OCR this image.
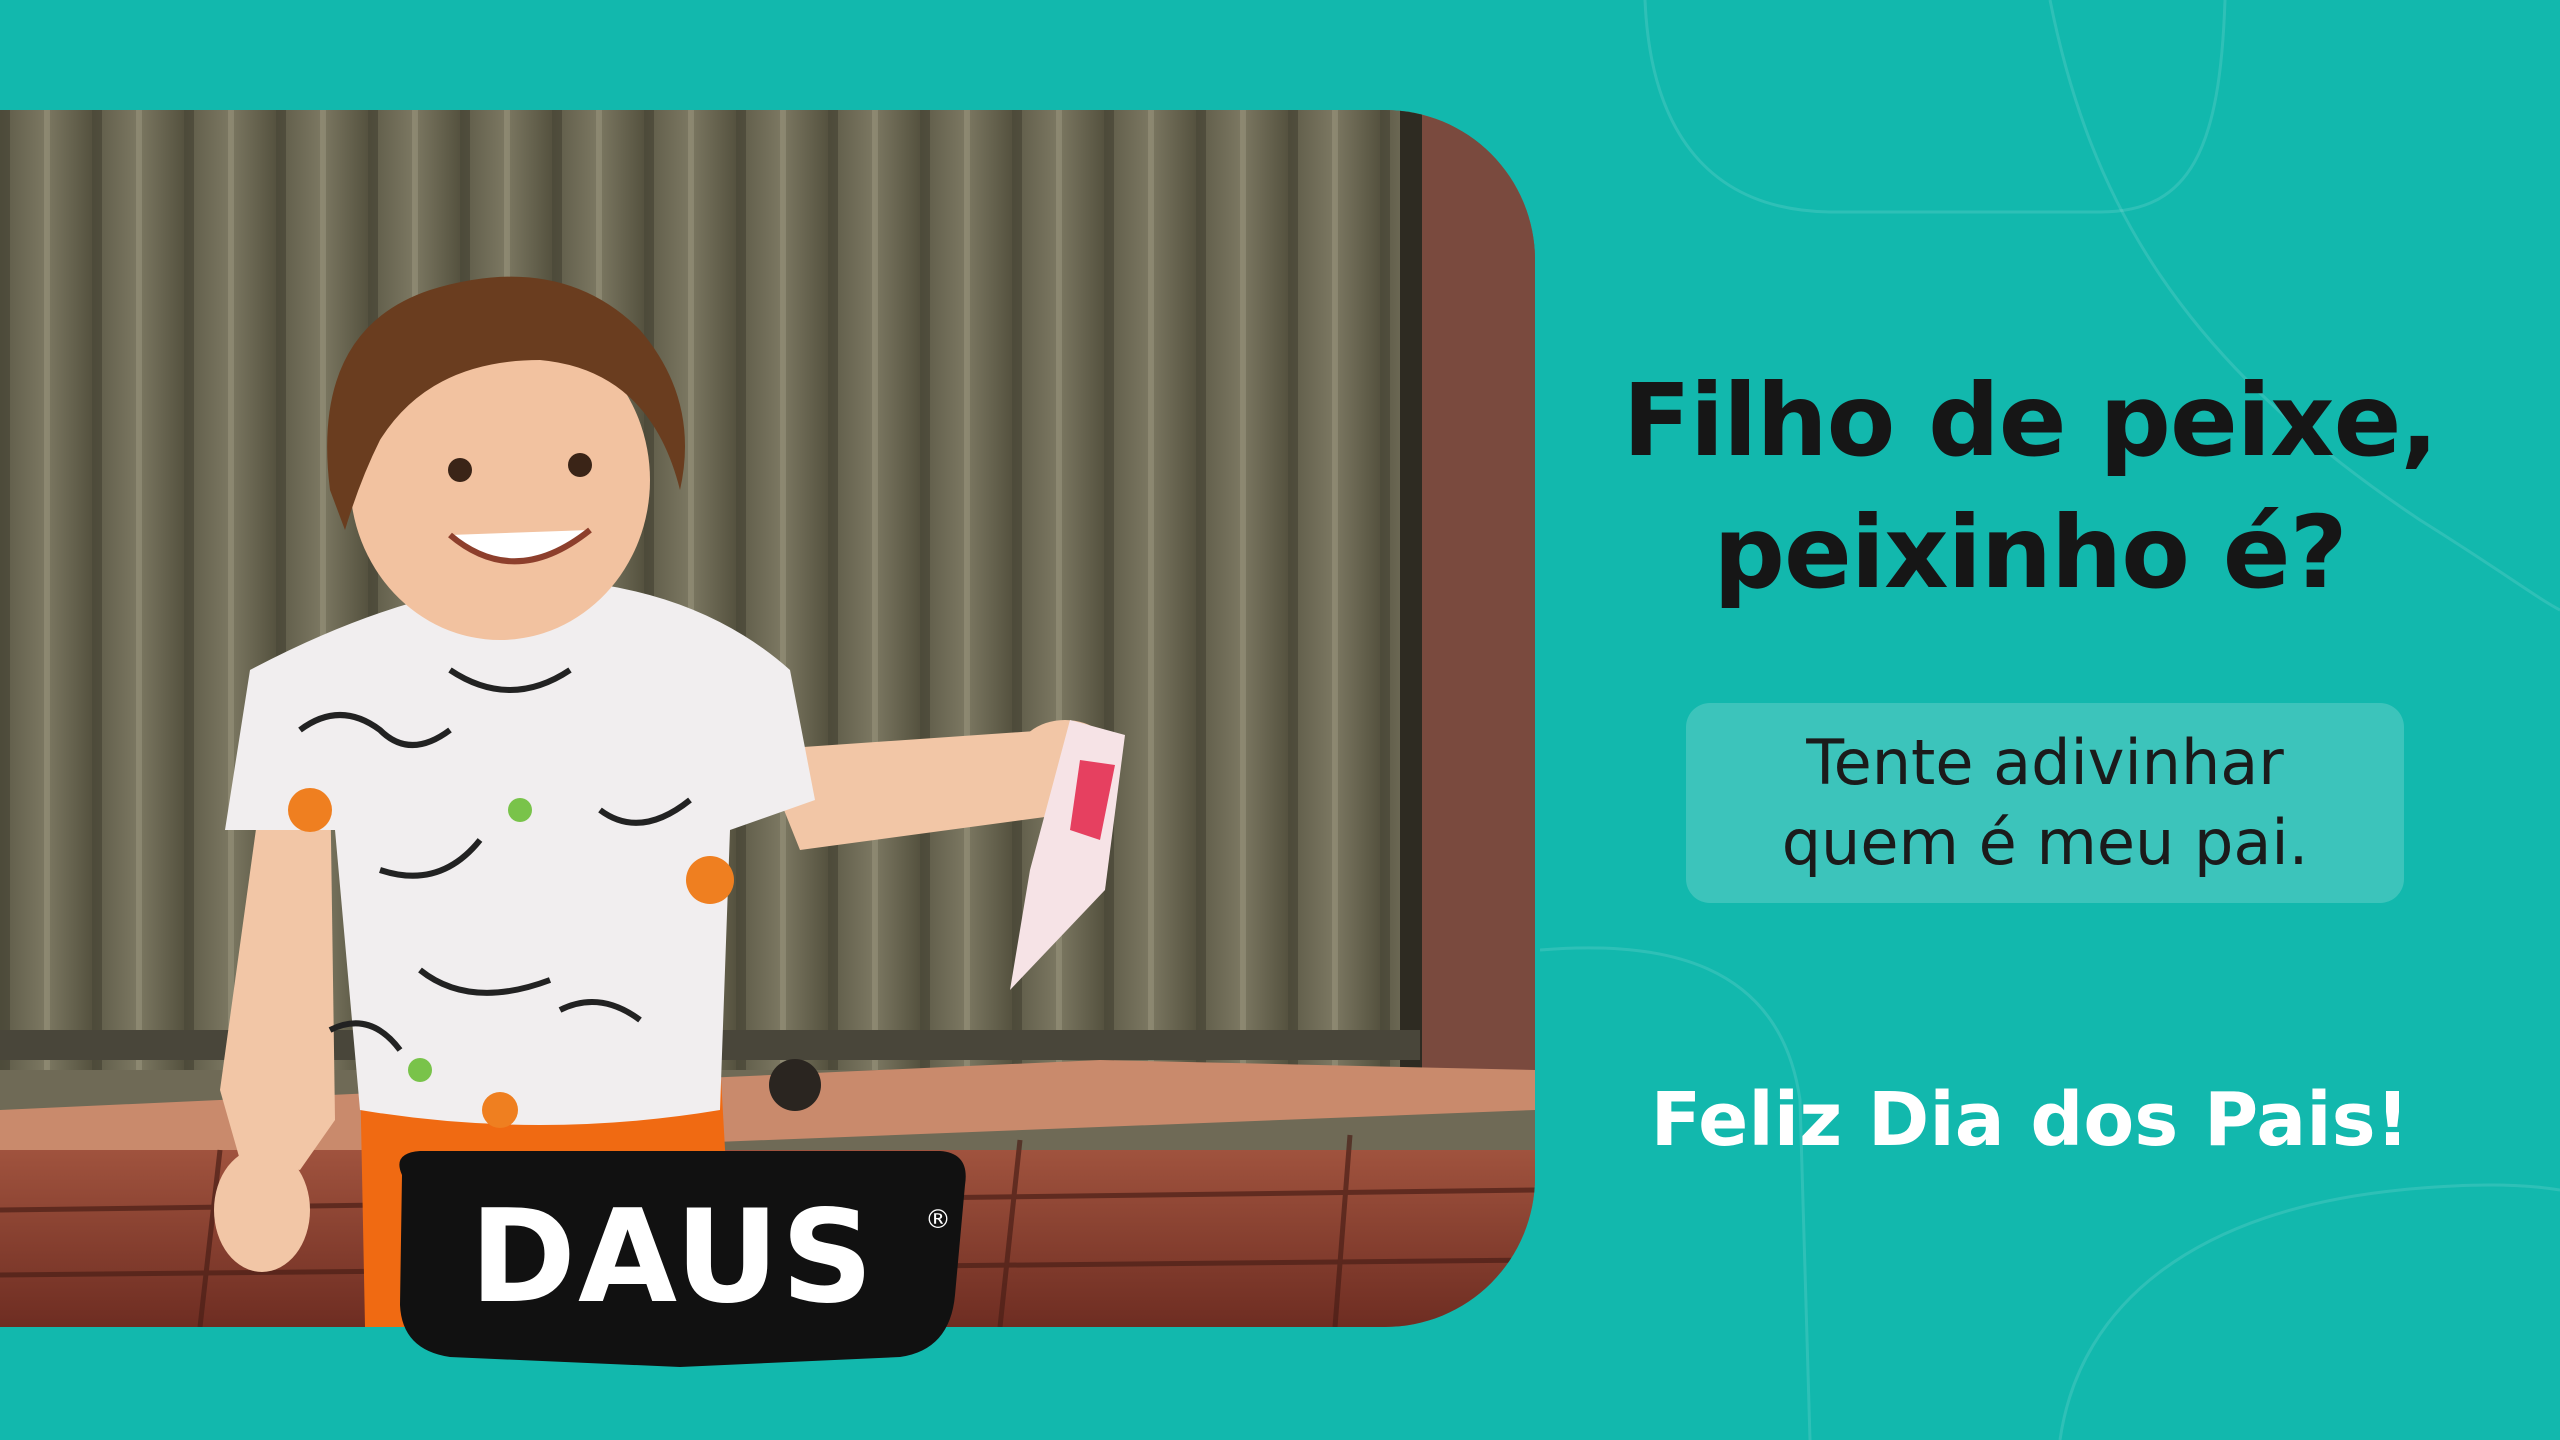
Filho de peixe,
peixinho é?
Tente adivinhar
quem é meu pai.

Feliz Dia dos Pais!

DAUS	®
